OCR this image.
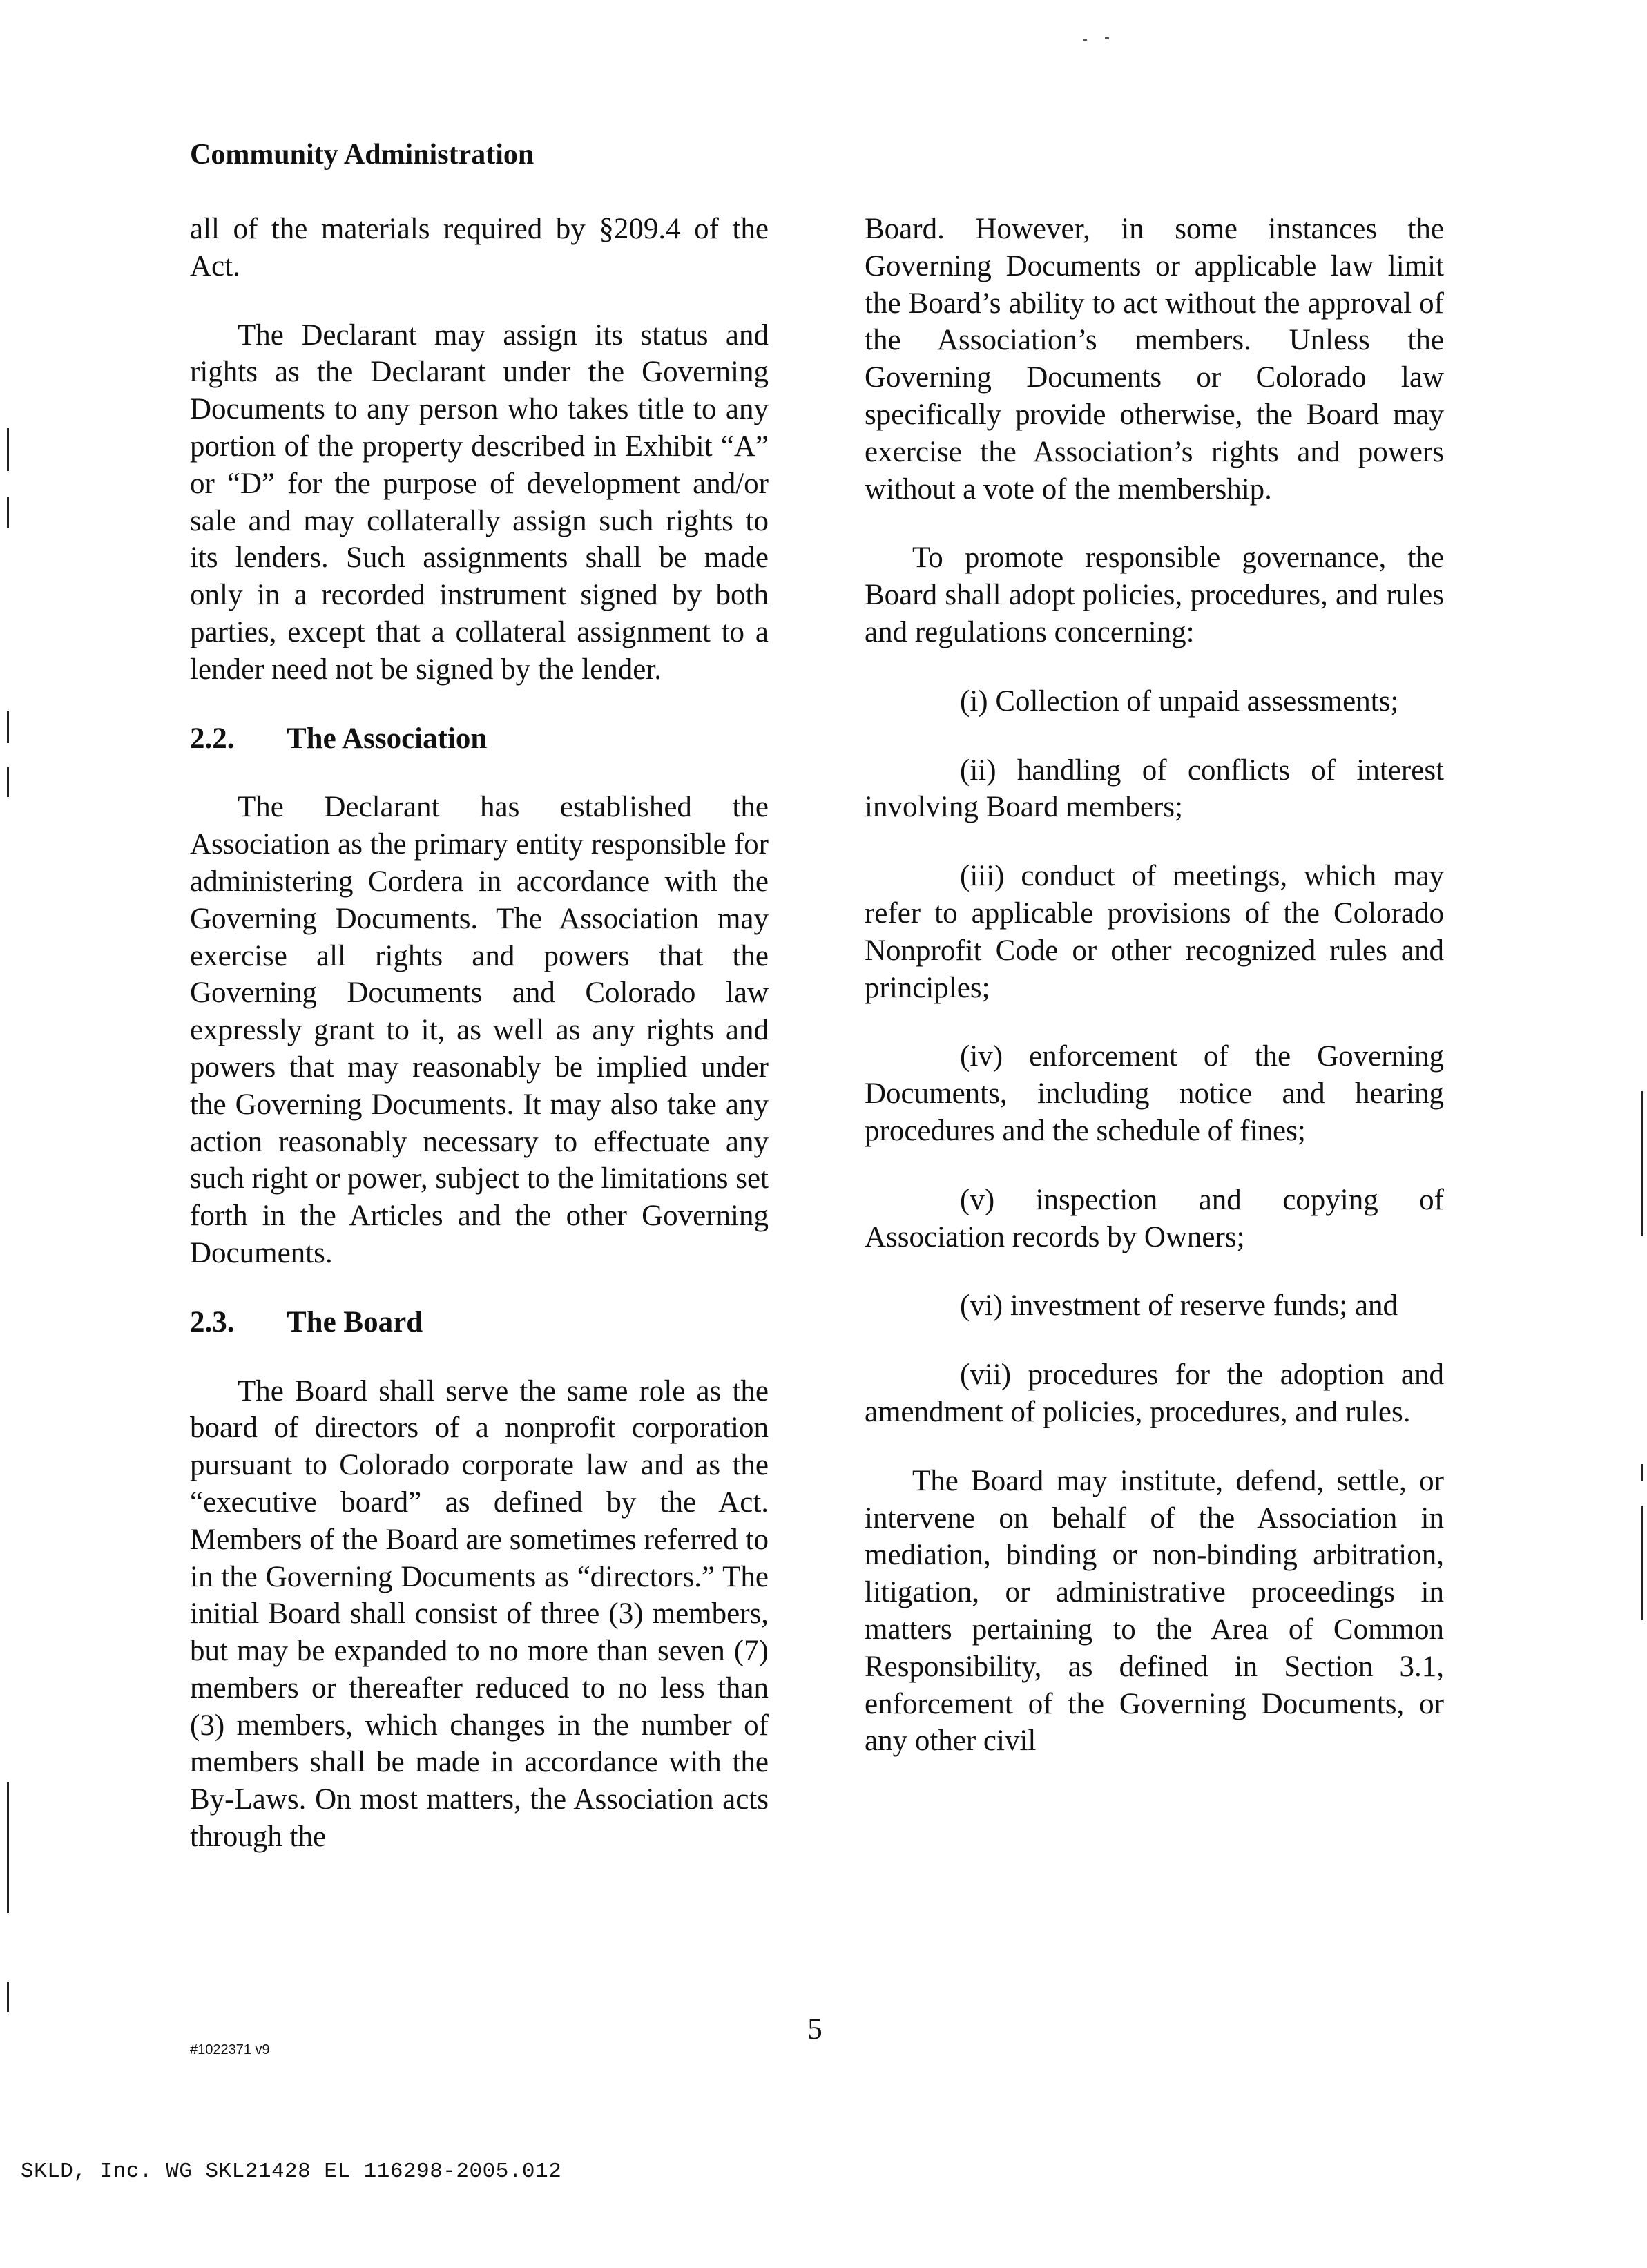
Community Administration

all of the materials required by §209.4 of the Act.

The Declarant may assign its status and rights as the Declarant under the Governing Documents to any person who takes title to any portion of the property described in Exhibit “A” or “D” for the purpose of development and/or sale and may collaterally assign such rights to its lenders. Such assignments shall be made only in a recorded instrument signed by both parties, except that a collateral assignment to a lender need not be signed by the lender.

2.2. The Association

The Declarant has established the Association as the primary entity responsible for administering Cordera in accordance with the Governing Documents. The Association may exercise all rights and powers that the Governing Documents and Colorado law expressly grant to it, as well as any rights and powers that may reasonably be implied under the Governing Documents. It may also take any action reasonably necessary to effectuate any such right or power, subject to the limitations set forth in the Articles and the other Governing Documents.

2.3. The Board

The Board shall serve the same role as the board of directors of a nonprofit corporation pursuant to Colorado corporate law and as the “executive board” as defined by the Act. Members of the Board are sometimes referred to in the Governing Documents as “directors.” The initial Board shall consist of three (3) members, but may be expanded to no more than seven (7) members or thereafter reduced to no less than (3) members, which changes in the number of members shall be made in accordance with the By-Laws. On most matters, the Association acts through the

Board. However, in some instances the Governing Documents or applicable law limit the Board’s ability to act without the approval of the Association’s members. Unless the Governing Documents or Colorado law specifically provide otherwise, the Board may exercise the Association’s rights and powers without a vote of the membership.

To promote responsible governance, the Board shall adopt policies, procedures, and rules and regulations concerning:

(i) Collection of unpaid assessments;

(ii) handling of conflicts of interest involving Board members;

(iii) conduct of meetings, which may refer to applicable provisions of the Colorado Nonprofit Code or other recognized rules and principles;

(iv) enforcement of the Governing Documents, including notice and hearing procedures and the schedule of fines;

(v) inspection and copying of Association records by Owners;

(vi) investment of reserve funds; and

(vii) procedures for the adoption and amendment of policies, procedures, and rules.

The Board may institute, defend, settle, or intervene on behalf of the Association in mediation, binding or non-binding arbitration, litigation, or administrative proceedings in matters pertaining to the Area of Common Responsibility, as defined in Section 3.1, enforcement of the Governing Documents, or any other civil

5
#1022371 v9
SKLD, Inc. WG SKL21428 EL 116298-2005.012
